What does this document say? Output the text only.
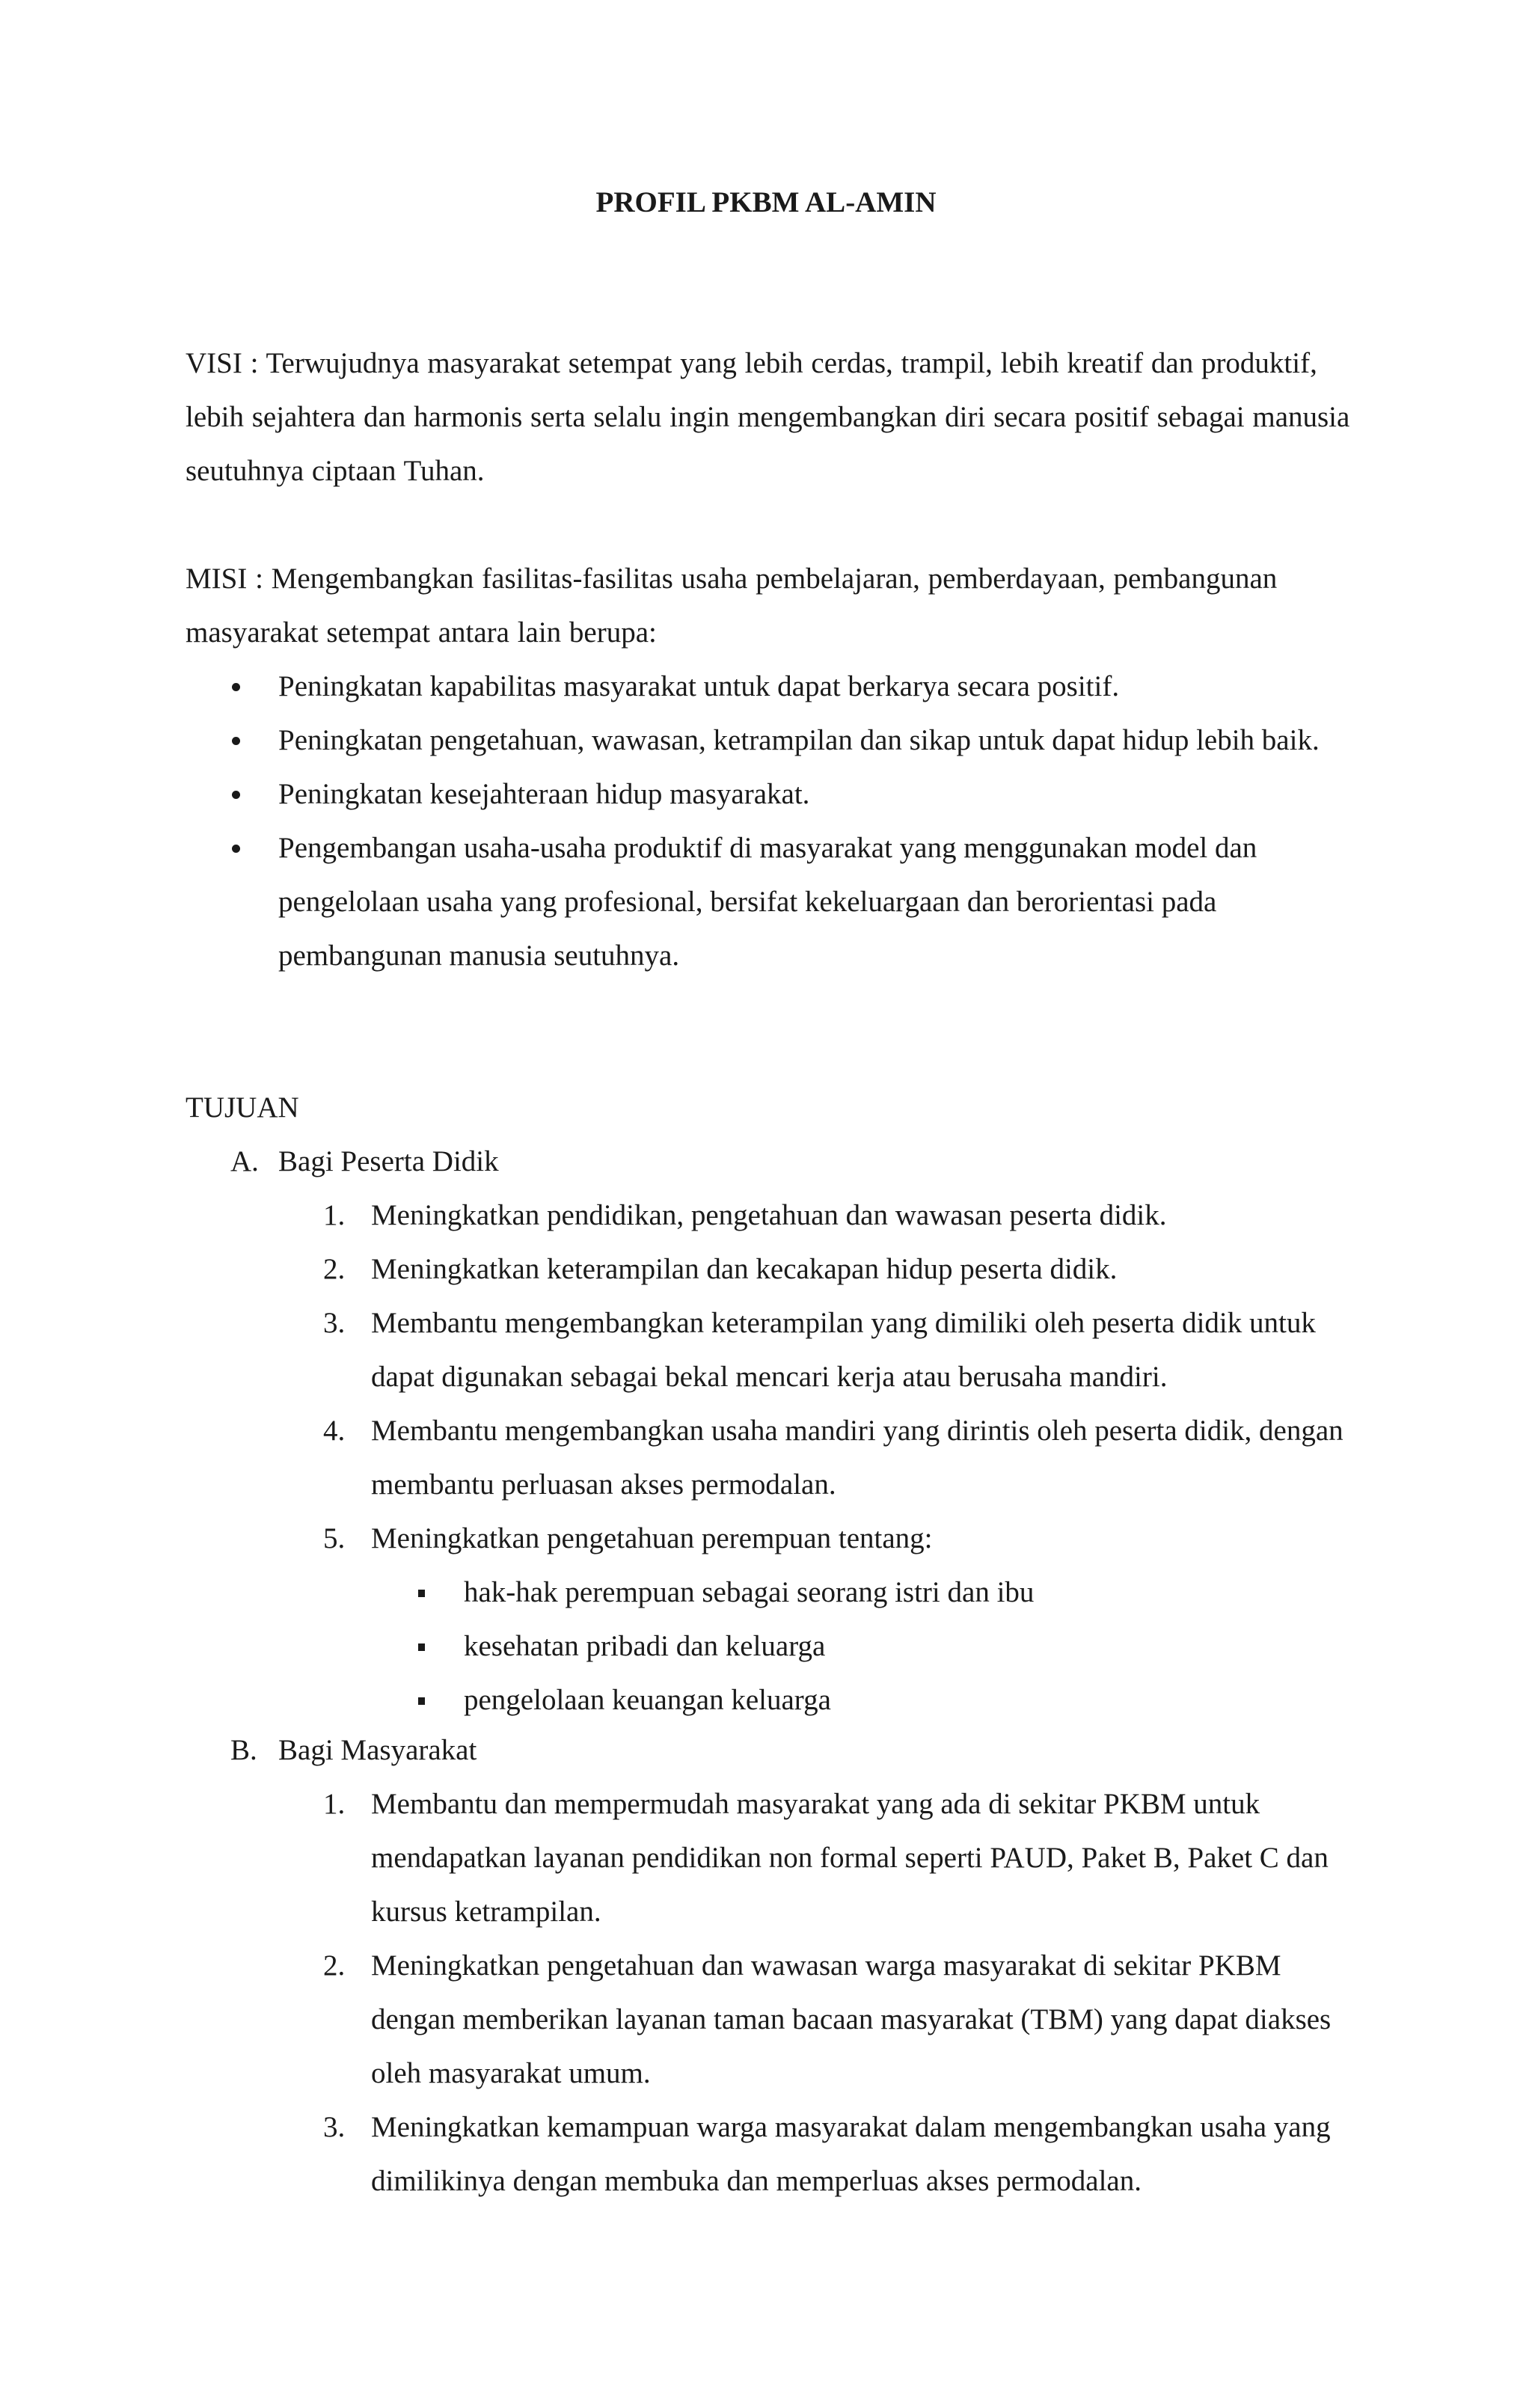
PROFIL PKBM AL-AMIN
VISI : Terwujudnya masyarakat setempat yang lebih cerdas, trampil, lebih kreatif dan produktif, lebih sejahtera dan harmonis serta selalu ingin mengembangkan diri secara positif sebagai manusia seutuhnya ciptaan Tuhan.
MISI : Mengembangkan fasilitas-fasilitas usaha pembelajaran, pemberdayaan, pembangunan masyarakat setempat antara lain berupa:
Peningkatan kapabilitas masyarakat untuk dapat berkarya secara positif.
Peningkatan pengetahuan, wawasan, ketrampilan dan sikap untuk dapat hidup lebih baik.
Peningkatan kesejahteraan hidup masyarakat.
Pengembangan usaha-usaha produktif di masyarakat yang menggunakan model dan pengelolaan usaha yang profesional, bersifat kekeluargaan dan berorientasi pada pembangunan manusia seutuhnya.
TUJUAN
A. Bagi Peserta Didik
1. Meningkatkan pendidikan, pengetahuan dan wawasan peserta didik.
2. Meningkatkan keterampilan dan kecakapan hidup peserta didik.
3. Membantu mengembangkan keterampilan yang dimiliki oleh peserta didik untuk dapat digunakan sebagai bekal mencari kerja atau berusaha mandiri.
4. Membantu mengembangkan usaha mandiri yang dirintis oleh peserta didik, dengan membantu perluasan akses permodalan.
5. Meningkatkan pengetahuan perempuan tentang:
hak-hak perempuan sebagai seorang istri dan ibu
kesehatan pribadi dan keluarga
pengelolaan keuangan keluarga
B. Bagi Masyarakat
1. Membantu dan mempermudah masyarakat yang ada di sekitar PKBM untuk mendapatkan layanan pendidikan non formal seperti PAUD, Paket B, Paket C dan kursus ketrampilan.
2. Meningkatkan pengetahuan dan wawasan warga masyarakat di sekitar PKBM dengan memberikan layanan taman bacaan masyarakat (TBM) yang dapat diakses oleh masyarakat umum.
3. Meningkatkan kemampuan warga masyarakat dalam mengembangkan usaha yang dimilikinya dengan membuka dan memperluas akses permodalan.
